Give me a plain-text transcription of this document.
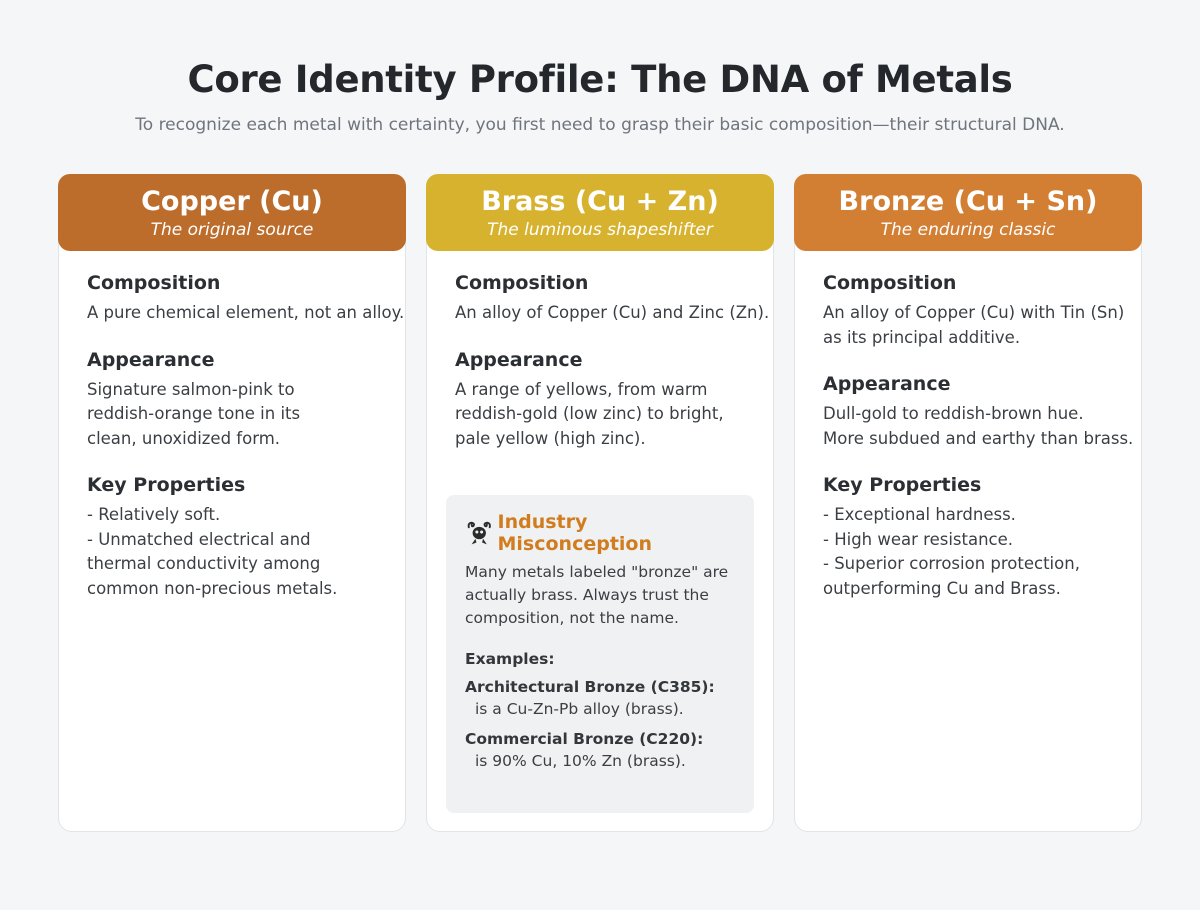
Core Identity Profile: The DNA of Metals
To recognize each metal with certainty, you first need to grasp their basic composition—their structural DNA.
Copper (Cu)
The original source
Composition
A pure chemical element, not an alloy.
Appearance
Signature salmon-pink to
reddish-orange tone in its
clean, unoxidized form.
Key Properties
- Relatively soft.
- Unmatched electrical and
thermal conductivity among
common non-precious metals.
Brass (Cu + Zn)
The luminous shapeshifter
Composition
An alloy of Copper (Cu) and Zinc (Zn).
Appearance
A range of yellows, from warm
reddish-gold (low zinc) to bright,
pale yellow (high zinc).
Industry Misconception
Many metals labeled "bronze" are
actually brass. Always trust the
composition, not the name.
Examples:
Architectural Bronze (C385):
is a Cu-Zn-Pb alloy (brass).
Commercial Bronze (C220):
is 90% Cu, 10% Zn (brass).
Bronze (Cu + Sn)
The enduring classic
Composition
An alloy of Copper (Cu) with Tin (Sn)
as its principal additive.
Appearance
Dull-gold to reddish-brown hue.
More subdued and earthy than brass.
Key Properties
- Exceptional hardness.
- High wear resistance.
- Superior corrosion protection,
outperforming Cu and Brass.
